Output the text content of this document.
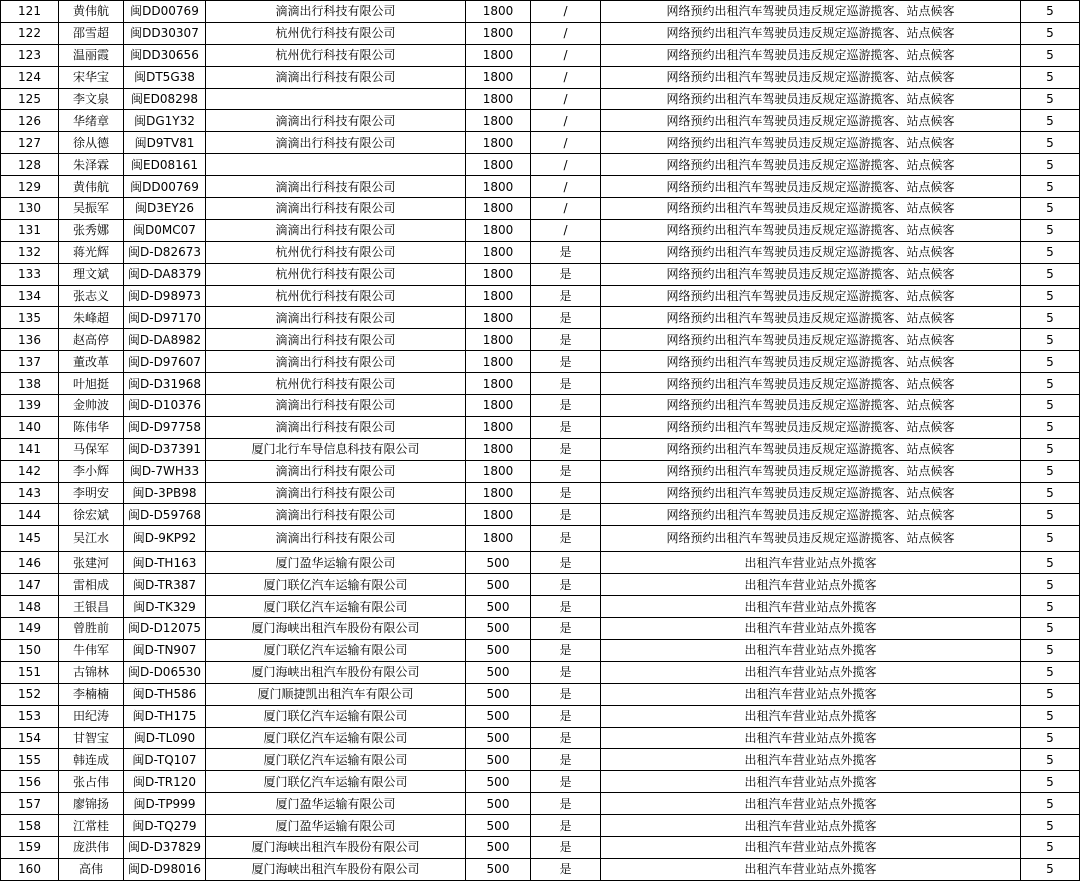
121	黄伟航	闽DD00769	滴滴出行科技有限公司	1800	/	网络预约出租汽车驾驶员违反规定巡游揽客、站点候客	5
122	邵雪超	闽DD30307	杭州优行科技有限公司	1800	/	网络预约出租汽车驾驶员违反规定巡游揽客、站点候客	5
123	温丽霞	闽DD30656	杭州优行科技有限公司	1800	/	网络预约出租汽车驾驶员违反规定巡游揽客、站点候客	5
124	宋华宝	闽DT5G38	滴滴出行科技有限公司	1800	/	网络预约出租汽车驾驶员违反规定巡游揽客、站点候客	5
125	李文泉	闽ED08298		1800	/	网络预约出租汽车驾驶员违反规定巡游揽客、站点候客	5
126	华绪章	闽DG1Y32	滴滴出行科技有限公司	1800	/	网络预约出租汽车驾驶员违反规定巡游揽客、站点候客	5
127	徐从德	闽D9TV81	滴滴出行科技有限公司	1800	/	网络预约出租汽车驾驶员违反规定巡游揽客、站点候客	5
128	朱泽霖	闽ED08161		1800	/	网络预约出租汽车驾驶员违反规定巡游揽客、站点候客	5
129	黄伟航	闽DD00769	滴滴出行科技有限公司	1800	/	网络预约出租汽车驾驶员违反规定巡游揽客、站点候客	5
130	吴振军	闽D3EY26	滴滴出行科技有限公司	1800	/	网络预约出租汽车驾驶员违反规定巡游揽客、站点候客	5
131	张秀娜	闽D0MC07	滴滴出行科技有限公司	1800	/	网络预约出租汽车驾驶员违反规定巡游揽客、站点候客	5
132	蒋光辉	闽D-D82673	杭州优行科技有限公司	1800	是	网络预约出租汽车驾驶员违反规定巡游揽客、站点候客	5
133	理文斌	闽D-DA8379	杭州优行科技有限公司	1800	是	网络预约出租汽车驾驶员违反规定巡游揽客、站点候客	5
134	张志义	闽D-D98973	杭州优行科技有限公司	1800	是	网络预约出租汽车驾驶员违反规定巡游揽客、站点候客	5
135	朱峰超	闽D-D97170	滴滴出行科技有限公司	1800	是	网络预约出租汽车驾驶员违反规定巡游揽客、站点候客	5
136	赵高停	闽D-DA8982	滴滴出行科技有限公司	1800	是	网络预约出租汽车驾驶员违反规定巡游揽客、站点候客	5
137	董改革	闽D-D97607	滴滴出行科技有限公司	1800	是	网络预约出租汽车驾驶员违反规定巡游揽客、站点候客	5
138	叶旭挺	闽D-D31968	杭州优行科技有限公司	1800	是	网络预约出租汽车驾驶员违反规定巡游揽客、站点候客	5
139	金帅波	闽D-D10376	滴滴出行科技有限公司	1800	是	网络预约出租汽车驾驶员违反规定巡游揽客、站点候客	5
140	陈伟华	闽D-D97758	滴滴出行科技有限公司	1800	是	网络预约出租汽车驾驶员违反规定巡游揽客、站点候客	5
141	马保军	闽D-D37391	厦门北行车导信息科技有限公司	1800	是	网络预约出租汽车驾驶员违反规定巡游揽客、站点候客	5
142	李小辉	闽D-7WH33	滴滴出行科技有限公司	1800	是	网络预约出租汽车驾驶员违反规定巡游揽客、站点候客	5
143	李明安	闽D-3PB98	滴滴出行科技有限公司	1800	是	网络预约出租汽车驾驶员违反规定巡游揽客、站点候客	5
144	徐宏斌	闽D-D59768	滴滴出行科技有限公司	1800	是	网络预约出租汽车驾驶员违反规定巡游揽客、站点候客	5
145	吴江水	闽D-9KP92	滴滴出行科技有限公司	1800	是	网络预约出租汽车驾驶员违反规定巡游揽客、站点候客	5
146	张建河	闽D-TH163	厦门盈华运输有限公司	500	是	出租汽车营业站点外揽客	5
147	雷相成	闽D-TR387	厦门联亿汽车运输有限公司	500	是	出租汽车营业站点外揽客	5
148	王银昌	闽D-TK329	厦门联亿汽车运输有限公司	500	是	出租汽车营业站点外揽客	5
149	曾胜前	闽D-D12075	厦门海峡出租汽车股份有限公司	500	是	出租汽车营业站点外揽客	5
150	牛伟军	闽D-TN907	厦门联亿汽车运输有限公司	500	是	出租汽车营业站点外揽客	5
151	古锦林	闽D-D06530	厦门海峡出租汽车股份有限公司	500	是	出租汽车营业站点外揽客	5
152	李楠楠	闽D-TH586	厦门顺捷凯出租汽车有限公司	500	是	出租汽车营业站点外揽客	5
153	田纪涛	闽D-TH175	厦门联亿汽车运输有限公司	500	是	出租汽车营业站点外揽客	5
154	甘智宝	闽D-TL090	厦门联亿汽车运输有限公司	500	是	出租汽车营业站点外揽客	5
155	韩连成	闽D-TQ107	厦门联亿汽车运输有限公司	500	是	出租汽车营业站点外揽客	5
156	张占伟	闽D-TR120	厦门联亿汽车运输有限公司	500	是	出租汽车营业站点外揽客	5
157	廖锦扬	闽D-TP999	厦门盈华运输有限公司	500	是	出租汽车营业站点外揽客	5
158	江常桂	闽D-TQ279	厦门盈华运输有限公司	500	是	出租汽车营业站点外揽客	5
159	庞洪伟	闽D-D37829	厦门海峡出租汽车股份有限公司	500	是	出租汽车营业站点外揽客	5
160	高伟	闽D-D98016	厦门海峡出租汽车股份有限公司	500	是	出租汽车营业站点外揽客	5
